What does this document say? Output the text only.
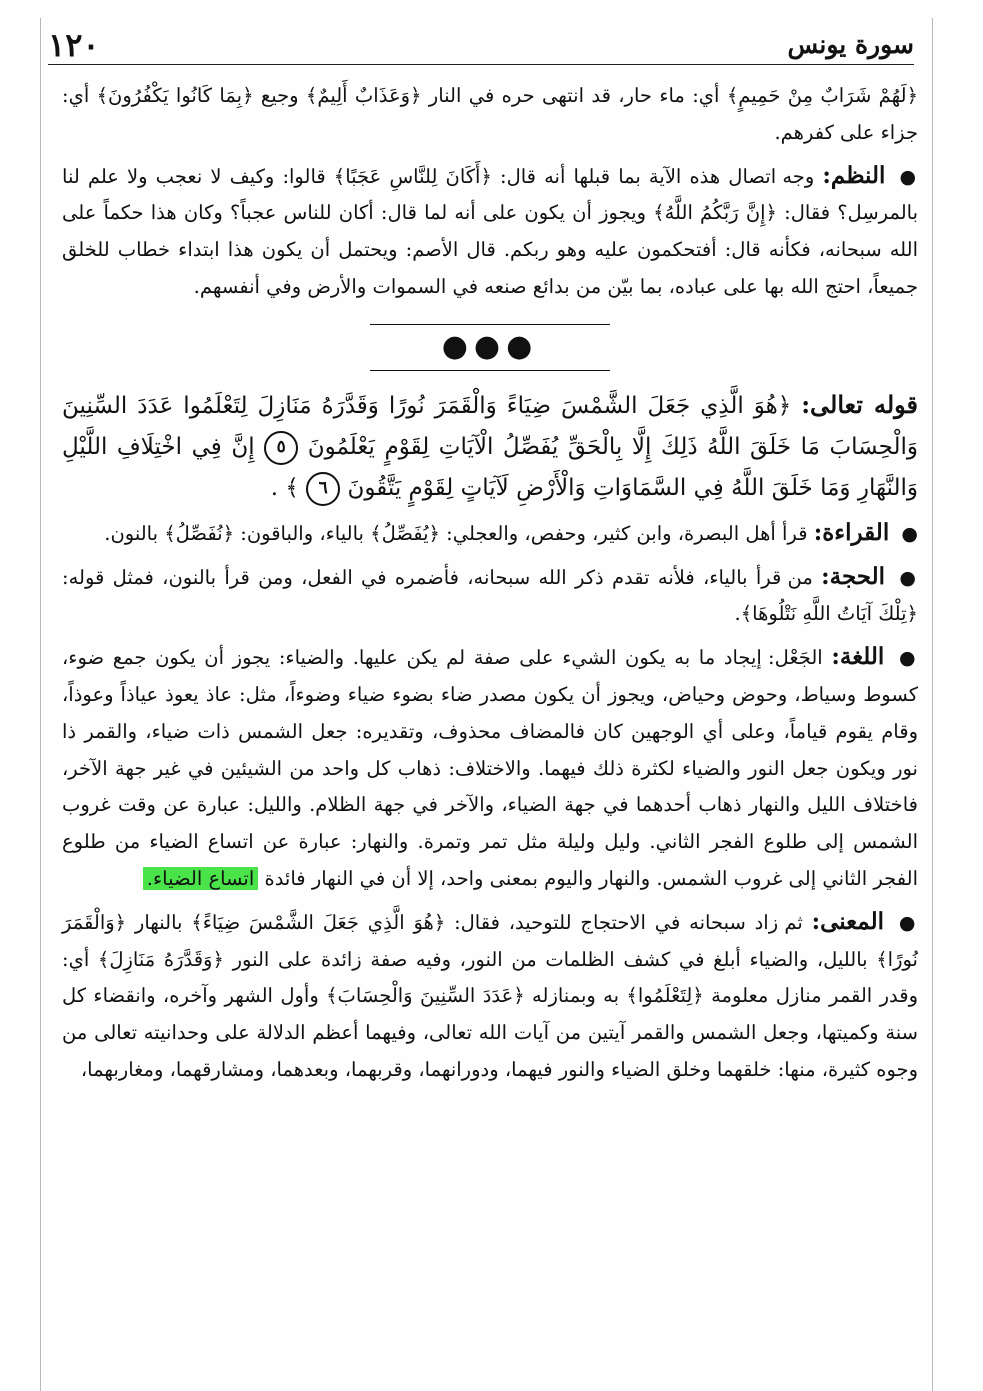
١٢٠	سورة يونس

﴿لَهُمْ شَرَابٌ مِنْ حَمِيمٍ﴾ أي: ماء حار، قد انتهى حره في النار ﴿وَعَذَابٌ أَلِيمٌ﴾ وجيع ﴿بِمَا كَانُوا يَكْفُرُونَ﴾ أي: جزاء على كفرهم.

● النظم: وجه اتصال هذه الآية بما قبلها أنه قال: ﴿أَكَانَ لِلنَّاسِ عَجَبًا﴾ قالوا: وكيف لا نعجب ولا علم لنا بالمرسِل؟ فقال: ﴿إِنَّ رَبَّكُمُ اللَّهُ﴾ ويجوز أن يكون على أنه لما قال: أكان للناس عجباً؟ وكان هذا حكماً على الله سبحانه، فكأنه قال: أفتحكمون عليه وهو ربكم. قال الأصم: ويحتمل أن يكون هذا ابتداء خطاب للخلق جميعاً، احتج الله بها على عباده، بما بيّن من بدائع صنعه في السموات والأرض وفي أنفسهم.

●●●

قوله تعالى: ﴿هُوَ الَّذِي جَعَلَ الشَّمْسَ ضِيَاءً وَالْقَمَرَ نُورًا وَقَدَّرَهُ مَنَازِلَ لِتَعْلَمُوا عَدَدَ السِّنِينَ وَالْحِسَابَ مَا خَلَقَ اللَّهُ ذَلِكَ إِلَّا بِالْحَقِّ يُفَصِّلُ الْآيَاتِ لِقَوْمٍ يَعْلَمُونَ ٥ إِنَّ فِي اخْتِلَافِ اللَّيْلِ وَالنَّهَارِ وَمَا خَلَقَ اللَّهُ فِي السَّمَاوَاتِ وَالْأَرْضِ لَآيَاتٍ لِقَوْمٍ يَتَّقُونَ ٦ ﴾ .

● القراءة: قرأ أهل البصرة، وابن كثير، وحفص، والعجلي: ﴿يُفَصِّلُ﴾ بالياء، والباقون: ﴿نُفَصِّلُ﴾ بالنون.

● الحجة: من قرأ بالياء، فلأنه تقدم ذكر الله سبحانه، فأضمره في الفعل، ومن قرأ بالنون، فمثل قوله: ﴿تِلْكَ آيَاتُ اللَّهِ نَتْلُوهَا﴾.

● اللغة: الجَعْل: إيجاد ما به يكون الشيء على صفة لم يكن عليها. والضياء: يجوز أن يكون جمع ضوء، كسوط وسياط، وحوض وحياض، ويجوز أن يكون مصدر ضاء بضوء ضياء وضوءاً، مثل: عاذ يعوذ عياذاً وعوذاً، وقام يقوم قياماً، وعلى أي الوجهين كان فالمضاف محذوف، وتقديره: جعل الشمس ذات ضياء، والقمر ذا نور ويكون جعل النور والضياء لكثرة ذلك فيهما. والاختلاف: ذهاب كل واحد من الشيئين في غير جهة الآخر، فاختلاف الليل والنهار ذهاب أحدهما في جهة الضياء، والآخر في جهة الظلام. والليل: عبارة عن وقت غروب الشمس إلى طلوع الفجر الثاني. وليل وليلة مثل تمر وتمرة. والنهار: عبارة عن اتساع الضياء من طلوع الفجر الثاني إلى غروب الشمس. والنهار واليوم بمعنى واحد، إلا أن في النهار فائدة اتساع الضياء.

● المعنى: ثم زاد سبحانه في الاحتجاج للتوحيد، فقال: ﴿هُوَ الَّذِي جَعَلَ الشَّمْسَ ضِيَاءً﴾ بالنهار ﴿وَالْقَمَرَ نُورًا﴾ بالليل، والضياء أبلغ في كشف الظلمات من النور، وفيه صفة زائدة على النور ﴿وَقَدَّرَهُ مَنَازِلَ﴾ أي: وقدر القمر منازل معلومة ﴿لِتَعْلَمُوا﴾ به وبمنازله ﴿عَدَدَ السِّنِينَ وَالْحِسَابَ﴾ وأول الشهر وآخره، وانقضاء كل سنة وكميتها، وجعل الشمس والقمر آيتين من آيات الله تعالى، وفيهما أعظم الدلالة على وحدانيته تعالى من وجوه كثيرة، منها: خلقهما وخلق الضياء والنور فيهما، ودورانهما، وقربهما، وبعدهما، ومشارقهما، ومغاربهما،
